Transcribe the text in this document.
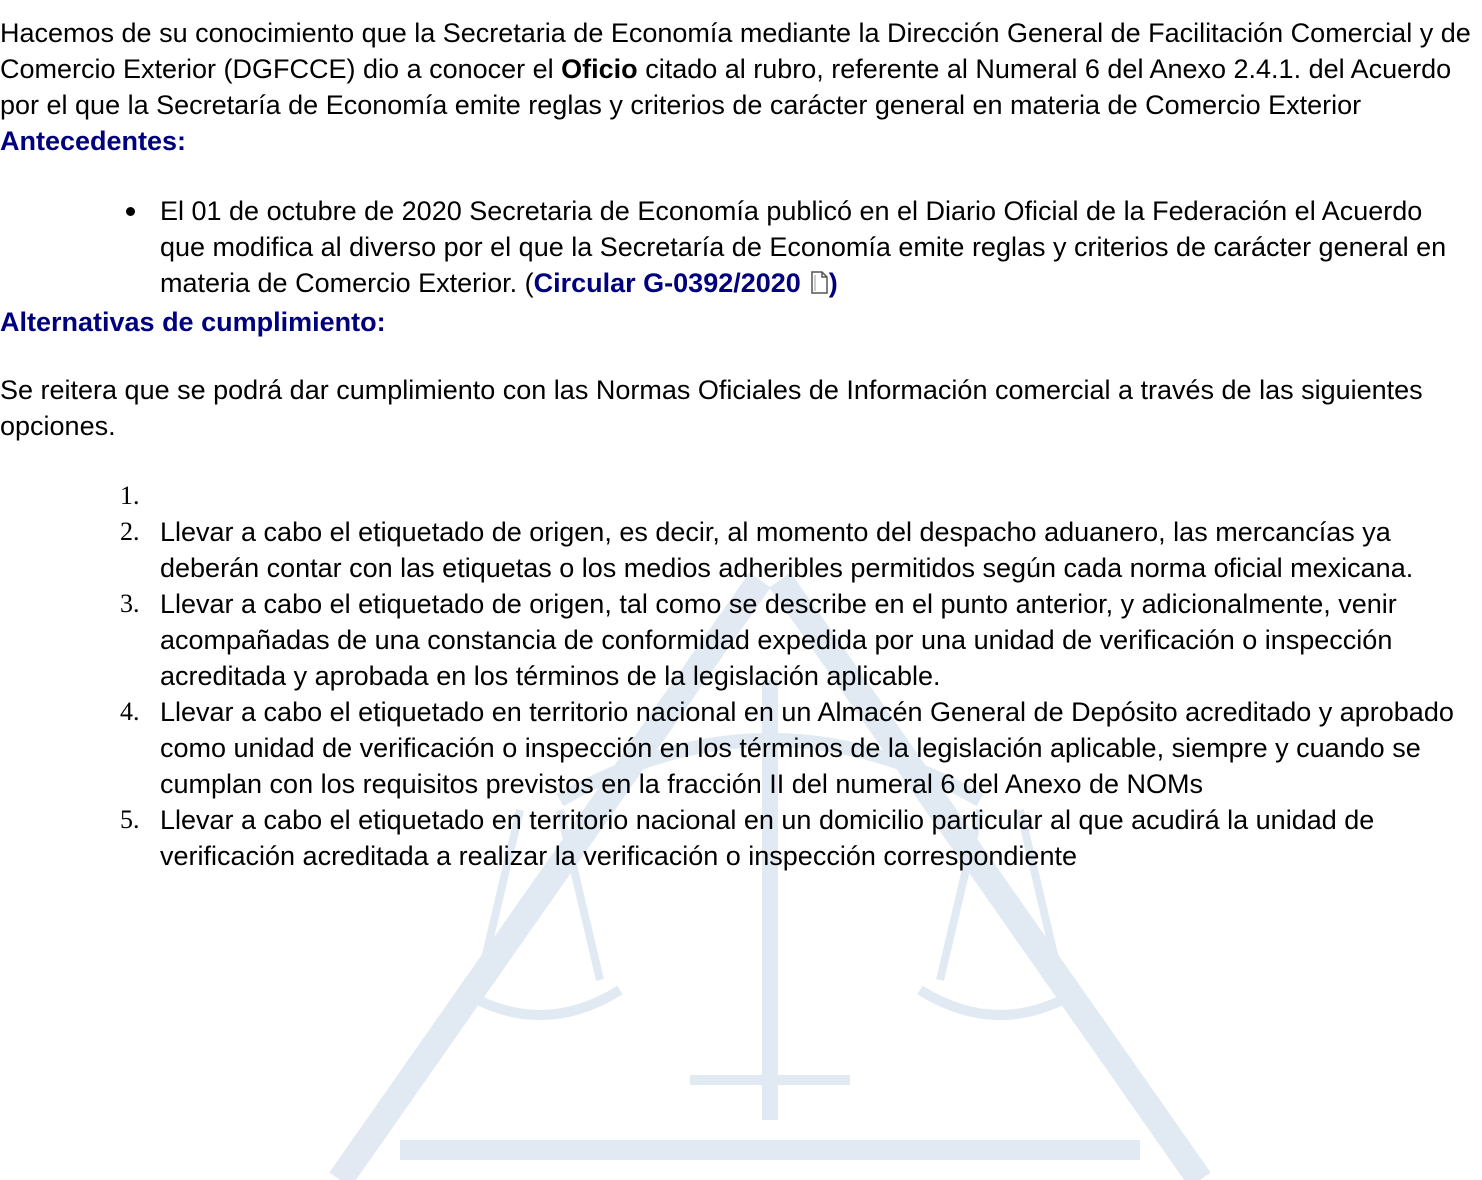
Hacemos de su conocimiento que la Secretaria de Economía mediante la Dirección General de Facilitación Comercial y de Comercio Exterior (DGFCCE) dio a conocer el Oficio citado al rubro, referente al Numeral 6 del Anexo 2.4.1. del Acuerdo por el que la Secretaría de Economía emite reglas y criterios de carácter general en materia de Comercio Exterior

Antecedentes:
El 01 de octubre de 2020 Secretaria de Economía publicó en el Diario Oficial de la Federación el Acuerdo que modifica al diverso por el que la Secretaría de Economía emite reglas y criterios de carácter general en materia de Comercio Exterior. (Circular G-0392/2020 )
Alternativas de cumplimiento:

Se reitera que se podrá dar cumplimiento con las Normas Oficiales de Información comercial a través de las siguientes opciones.

1.
2. Llevar a cabo el etiquetado de origen, es decir, al momento del despacho aduanero, las mercancías ya deberán contar con las etiquetas o los medios adheribles permitidos según cada norma oficial mexicana.
3. Llevar a cabo el etiquetado de origen, tal como se describe en el punto anterior, y adicionalmente, venir acompañadas de una constancia de conformidad expedida por una unidad de verificación o inspección acreditada y aprobada en los términos de la legislación aplicable.
4. Llevar a cabo el etiquetado en territorio nacional en un Almacén General de Depósito acreditado y aprobado como unidad de verificación o inspección en los términos de la legislación aplicable, siempre y cuando se cumplan con los requisitos previstos en la fracción II del numeral 6 del Anexo de NOMs
5. Llevar a cabo el etiquetado en territorio nacional en un domicilio particular al que acudirá la unidad de verificación acreditada a realizar la verificación o inspección correspondiente
